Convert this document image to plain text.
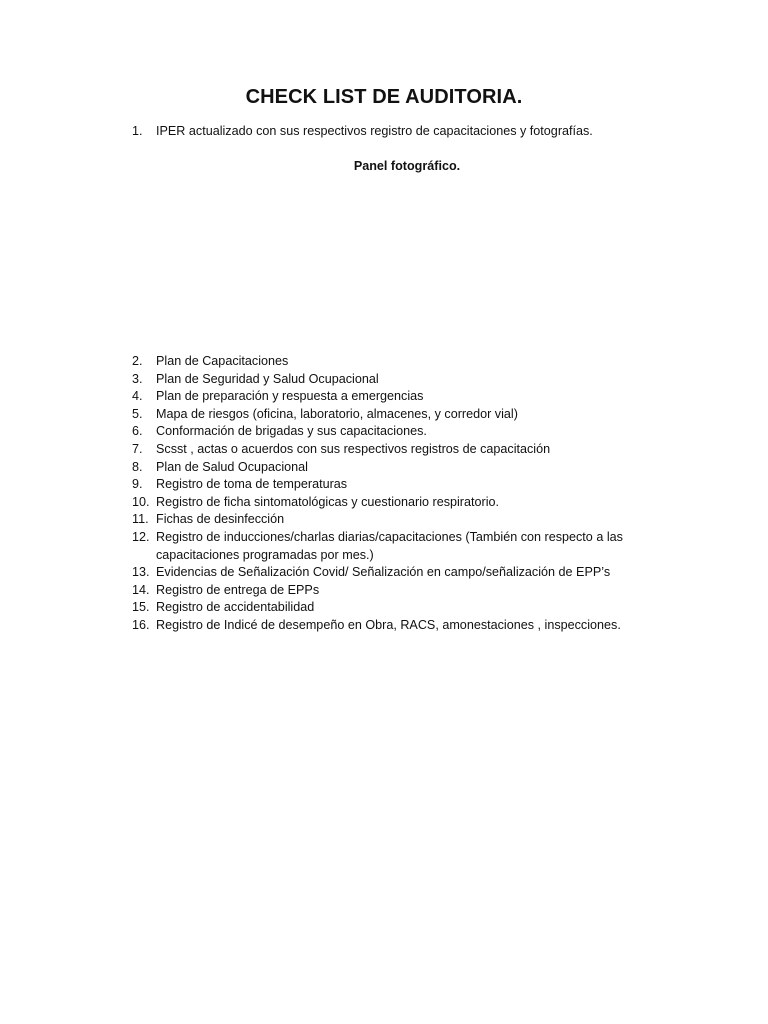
CHECK LIST DE AUDITORIA.
1.	IPER actualizado con sus respectivos registro de capacitaciones y fotografías.
Panel fotográfico.
2.	Plan de Capacitaciones
3.	Plan de Seguridad y Salud Ocupacional
4.	Plan de preparación y respuesta a emergencias
5.	Mapa de riesgos (oficina, laboratorio, almacenes, y corredor vial)
6.	Conformación de brigadas y sus capacitaciones.
7.	Scsst , actas o acuerdos con sus respectivos registros de capacitación
8.	Plan de Salud Ocupacional
9.	Registro de toma de temperaturas
10. Registro de ficha sintomatológicas y cuestionario respiratorio.
11. Fichas de desinfección
12. Registro de inducciones/charlas diarias/capacitaciones (También con respecto a las capacitaciones programadas por mes.)
13. Evidencias de Señalización Covid/ Señalización en campo/señalización de EPP’s
14. Registro de entrega de EPPs
15. Registro de accidentabilidad
16. Registro de Indicé de desempeño en Obra, RACS, amonestaciones , inspecciones.
